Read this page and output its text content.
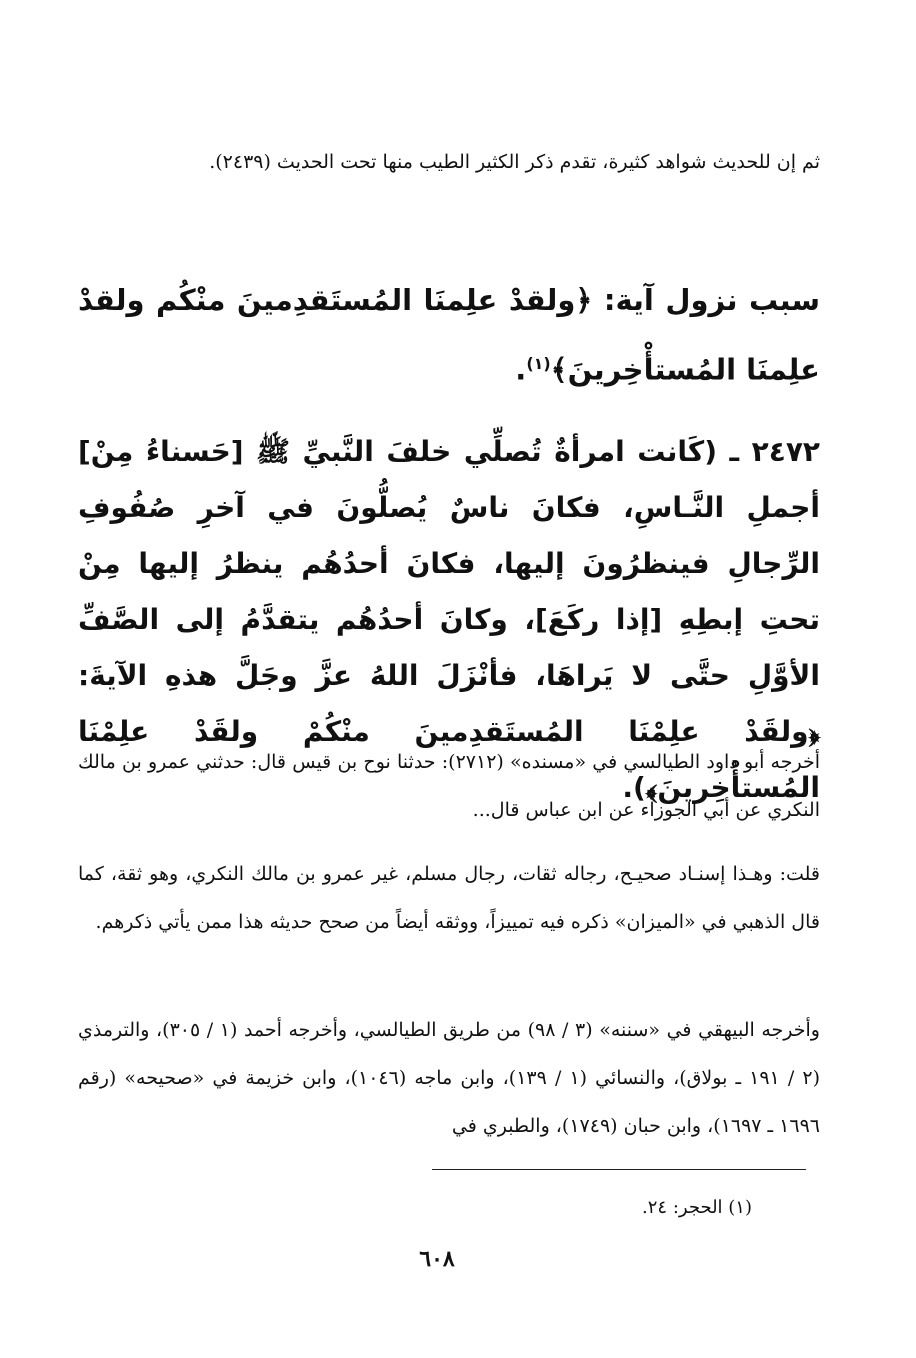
ثم إن للحديث شواهد كثيرة، تقدم ذكر الكثير الطيب منها تحت الحديث (٢٤٣٩).

سبب نزول آية: ﴿ولقدْ علِمنَا المُستَقدِمينَ منْكُم ولقدْ علِمنَا المُستأْخِرينَ﴾$^{(١)}$.

٢٤٧٢ ـ (كَانت امرأةٌ تُصلِّي خلفَ النَّبيِّ ﷺ [حَسناءُ مِنْ] أجملِ النَّـاسِ، فكانَ ناسٌ يُصلُّونَ في آخرِ صُفُوفِ الرِّجالِ فينظرُونَ إليها، فكانَ أحدُهُم ينظرُ إليها مِنْ تحتِ إبطِهِ [إذا ركَعَ]، وكانَ أحدُهُم يتقدَّمُ إلى الصَّفِّ الأوَّلِ حتَّى لا يَراهَا، فأنْزَلَ اللهُ عزَّ وجَلَّ هذهِ الآيةَ: ﴿ولقَدْ علِمْنَا المُستَقدِمينَ منْكُمْ ولقَدْ علِمْنَا المُستأْخِرينَ﴾).

أخرجه أبو داود الطيالسي في «مسنده» (٢٧١٢): حدثنا نوح بن قيس قال: حدثني عمرو بن مالك النكري عن أبي الجوزاء عن ابن عباس قال...

قلت: وهـذا إسنـاد صحيـح، رجاله ثقات، رجال مسلم، غير عمرو بن مالك النكري، وهو ثقة، كما قال الذهبي في «الميزان» ذكره فيه تمييزاً، ووثقه أيضاً من صحح حديثه هذا ممن يأتي ذكرهم.

وأخرجه البيهقي في «سننه» (٣ / ٩٨) من طريق الطيالسي، وأخرجه أحمد (١ / ٣٠٥)، والترمذي (٢ / ١٩١ ـ بولاق)، والنسائي (١ / ١٣٩)، وابن ماجه (١٠٤٦)، وابن خزيمة في «صحيحه» (رقم ١٦٩٦ ـ ١٦٩٧)، وابن حبان (١٧٤٩)، والطبري في

(١) الحجر: ٢٤.
٦٠٨
